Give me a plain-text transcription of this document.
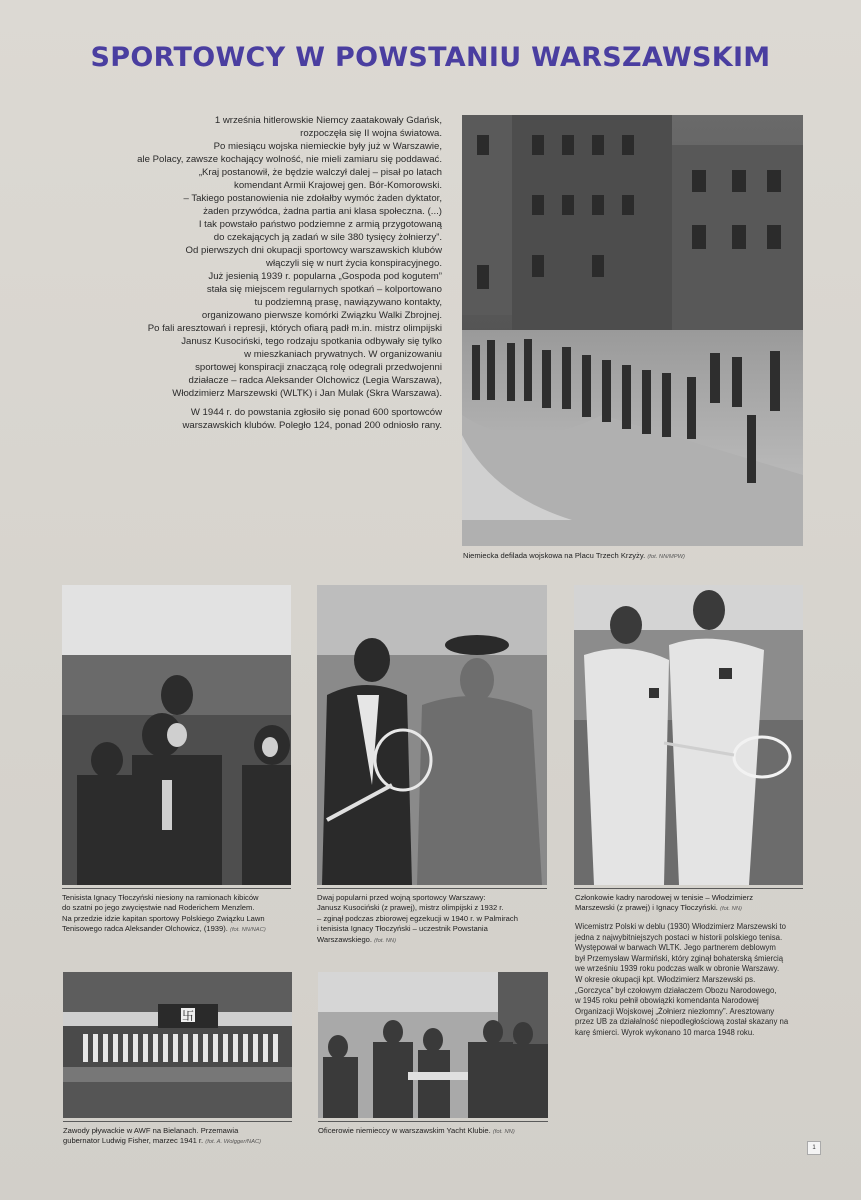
SPORTOWCY W POWSTANIU WARSZAWSKIM

1 września hitlerowskie Niemcy zaatakowały Gdańsk,

rozpoczęła się II wojna światowa.

Po miesiącu wojska niemieckie były już w Warszawie,

ale Polacy, zawsze kochający wolność, nie mieli zamiaru się poddawać.

„Kraj postanowił, że będzie walczył dalej – pisał po latach

komendant Armii Krajowej gen. Bór-Komorowski.

– Takiego postanowienia nie zdołałby wymóc żaden dyktator,

żaden przywódca, żadna partia ani klasa społeczna. (...)

I tak powstało państwo podziemne z armią przygotowaną

do czekających ją zadań w sile 380 tysięcy żołnierzy”.

Od pierwszych dni okupacji sportowcy warszawskich klubów

włączyli się w nurt życia konspiracyjnego.

Już jesienią 1939 r. popularna „Gospoda pod kogutem”

stała się miejscem regularnych spotkań – kolportowano

tu podziemną prasę, nawiązywano kontakty,

organizowano pierwsze komórki Związku Walki Zbrojnej.

Po fali aresztowań i represji, których ofiarą padł m.in. mistrz olimpijski

Janusz Kusociński, tego rodzaju spotkania odbywały się tylko

w mieszkaniach prywatnych. W organizowaniu

sportowej konspiracji znaczącą rolę odegrali przedwojenni

działacze – radca Aleksander Olchowicz (Legia Warszawa),

Włodzimierz Marszewski (WLTK) i Jan Mulak (Skra Warszawa).

W 1944 r. do powstania zgłosiło się ponad 600 sportowców

warszawskich klubów. Poległo 124, ponad 200 odniosło rany.

Niemiecka defilada wojskowa na Placu Trzech Krzyży. (fot. NN/MPW)
Tenisista Ignacy Tłoczyński niesiony na ramionach kibiców
do szatni po jego zwycięstwie nad Roderichem Menzlem.
Na przedzie idzie kapitan sportowy Polskiego Związku Lawn
Tenisowego radca Aleksander Olchowicz, (1939). (fot. NN/NAC)
Dwaj popularni przed wojną sportowcy Warszawy:
Janusz Kusociński (z prawej), mistrz olimpijski z 1932 r.
– zginął podczas zbiorowej egzekucji w 1940 r. w Palmirach
i tenisista Ignacy Tłoczyński – uczestnik Powstania
Warszawskiego. (fot. NN)
Członkowie kadry narodowej w tenisie – Włodzimierz
Marszewski (z prawej) i Ignacy Tłoczyński. (fot. NN)
Wicemistrz Polski w deblu (1930) Włodzimierz Marszewski to
jedna z najwybitniejszych postaci w historii polskiego tenisa.
Występował w barwach WLTK. Jego partnerem deblowym
był Przemysław Warmiński, który zginął bohaterską śmiercią
we wrześniu 1939 roku podczas walk w obronie Warszawy.
W okresie okupacji kpt. Włodzimierz Marszewski ps.
„Gorczyca” był czołowym działaczem Obozu Narodowego,
w 1945 roku pełnił obowiązki komendanta Narodowej
Organizacji Wojskowej „Żołnierz niezłomny”. Aresztowany
przez UB za działalność niepodległościową został skazany na
karę śmierci. Wyrok wykonano 10 marca 1948 roku.
卐
Zawody pływackie w AWF na Bielanach. Przemawia
gubernator Ludwig Fisher, marzec 1941 r. (fot. A. Wolgger/NAC)
Oficerowie niemieccy w warszawskim Yacht Klubie. (fot. NN)
1
